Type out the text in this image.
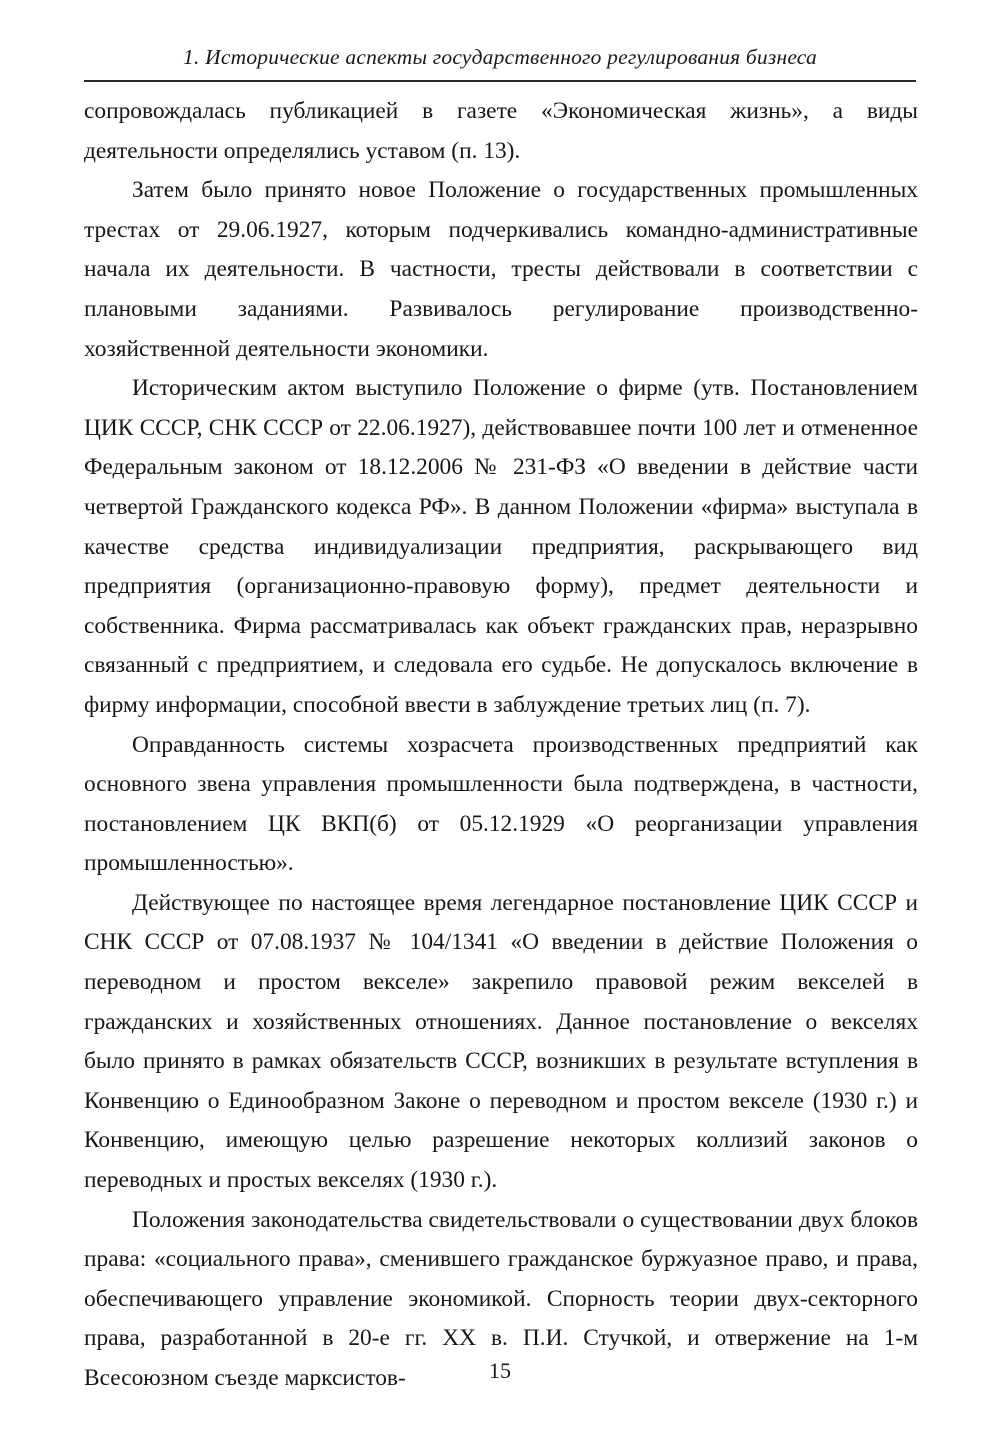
1. Исторические аспекты государственного регулирования бизнеса

сопровождалась публикацией в газете «Экономическая жизнь», а виды деятельности определялись уставом (п. 13).

Затем было принято новое Положение о государственных промышленных трестах от 29.06.1927, которым подчеркивались командно-административные начала их деятельности. В частности, тресты действовали в соответствии с плановыми заданиями. Развивалось регулирование производственно-хозяйственной деятельности экономики.

Историческим актом выступило Положение о фирме (утв. Постановлением ЦИК СССР, СНК СССР от 22.06.1927), действовавшее почти 100 лет и отмененное Федеральным законом от 18.12.2006 № 231-ФЗ «О введении в действие части четвертой Гражданского кодекса РФ». В данном Положении «фирма» выступала в качестве средства индивидуализации предприятия, раскрывающего вид предприятия (организационно-правовую форму), предмет деятельности и собственника. Фирма рассматривалась как объект гражданских прав, неразрывно связанный с предприятием, и следовала его судьбе. Не допускалось включение в фирму информации, способной ввести в заблуждение третьих лиц (п. 7).

Оправданность системы хозрасчета производственных предприятий как основного звена управления промышленности была подтверждена, в частности, постановлением ЦК ВКП(б) от 05.12.1929 «О реорганизации управления промышленностью».

Действующее по настоящее время легендарное постановление ЦИК СССР и СНК СССР от 07.08.1937 № 104/1341 «О введении в действие Положения о переводном и простом векселе» закрепило правовой режим векселей в гражданских и хозяйственных отношениях. Данное постановление о векселях было принято в рамках обязательств СССР, возникших в результате вступления в Конвенцию о Единообразном Законе о переводном и простом векселе (1930 г.) и Конвенцию, имеющую целью разрешение некоторых коллизий законов о переводных и простых векселях (1930 г.).

Положения законодательства свидетельствовали о существовании двух блоков права: «социального права», сменившего гражданское буржуазное право, и права, обеспечивающего управление экономикой. Спорность теории двух-секторного права, разработанной в 20-е гг. XX в. П.И. Стучкой, и отвержение на 1-м Всесоюзном съезде марксистов-	15
